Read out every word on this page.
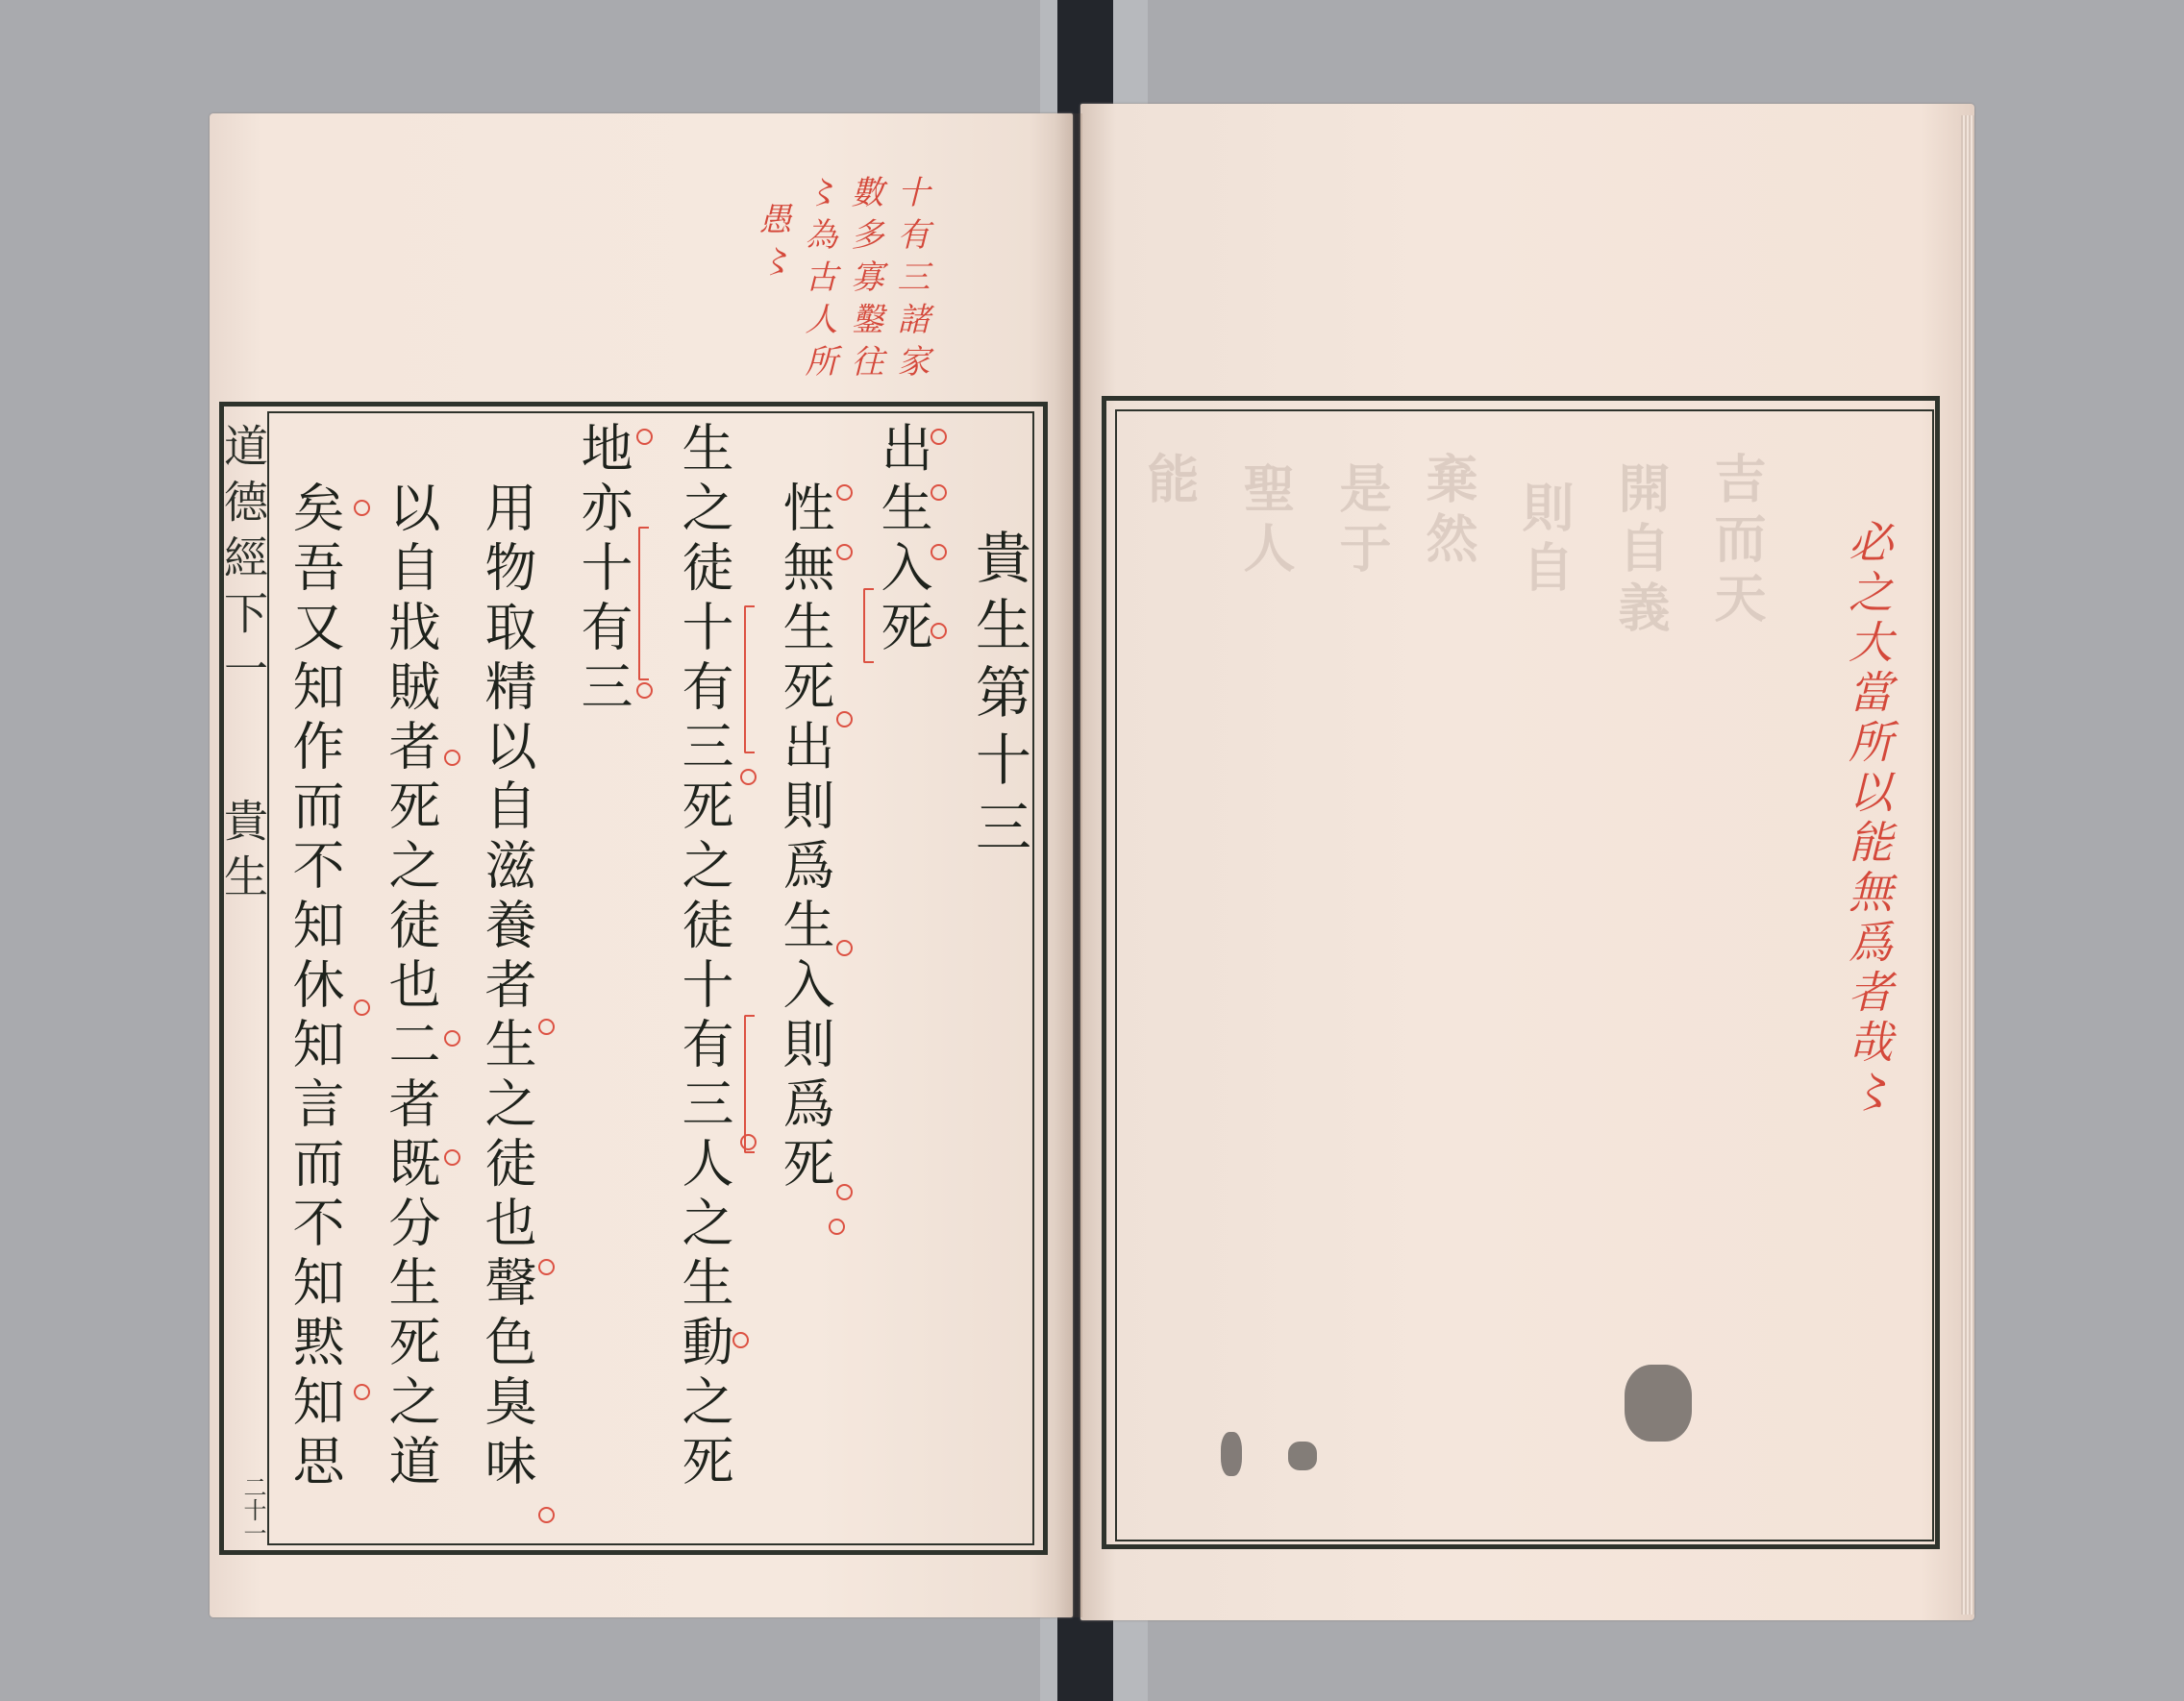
吉而天
開自義
則自
棄然
是于
聖人
能
道德經下一
貴生
二十一
貴生第十三
出生入死
性無生死出則爲生入則爲死
生之徒十有三死之徒十有三人之生動之死
地亦十有三
用物取精以自滋養者生之徒也聲色臭味
以自戕賊者死之徒也二者既分生死之道
矣吾又知作而不知休知言而不知黙知思
十有三諸家
數多寡鑿往
〻為古人所
愚〻
必之大當所以能無爲者哉〻
